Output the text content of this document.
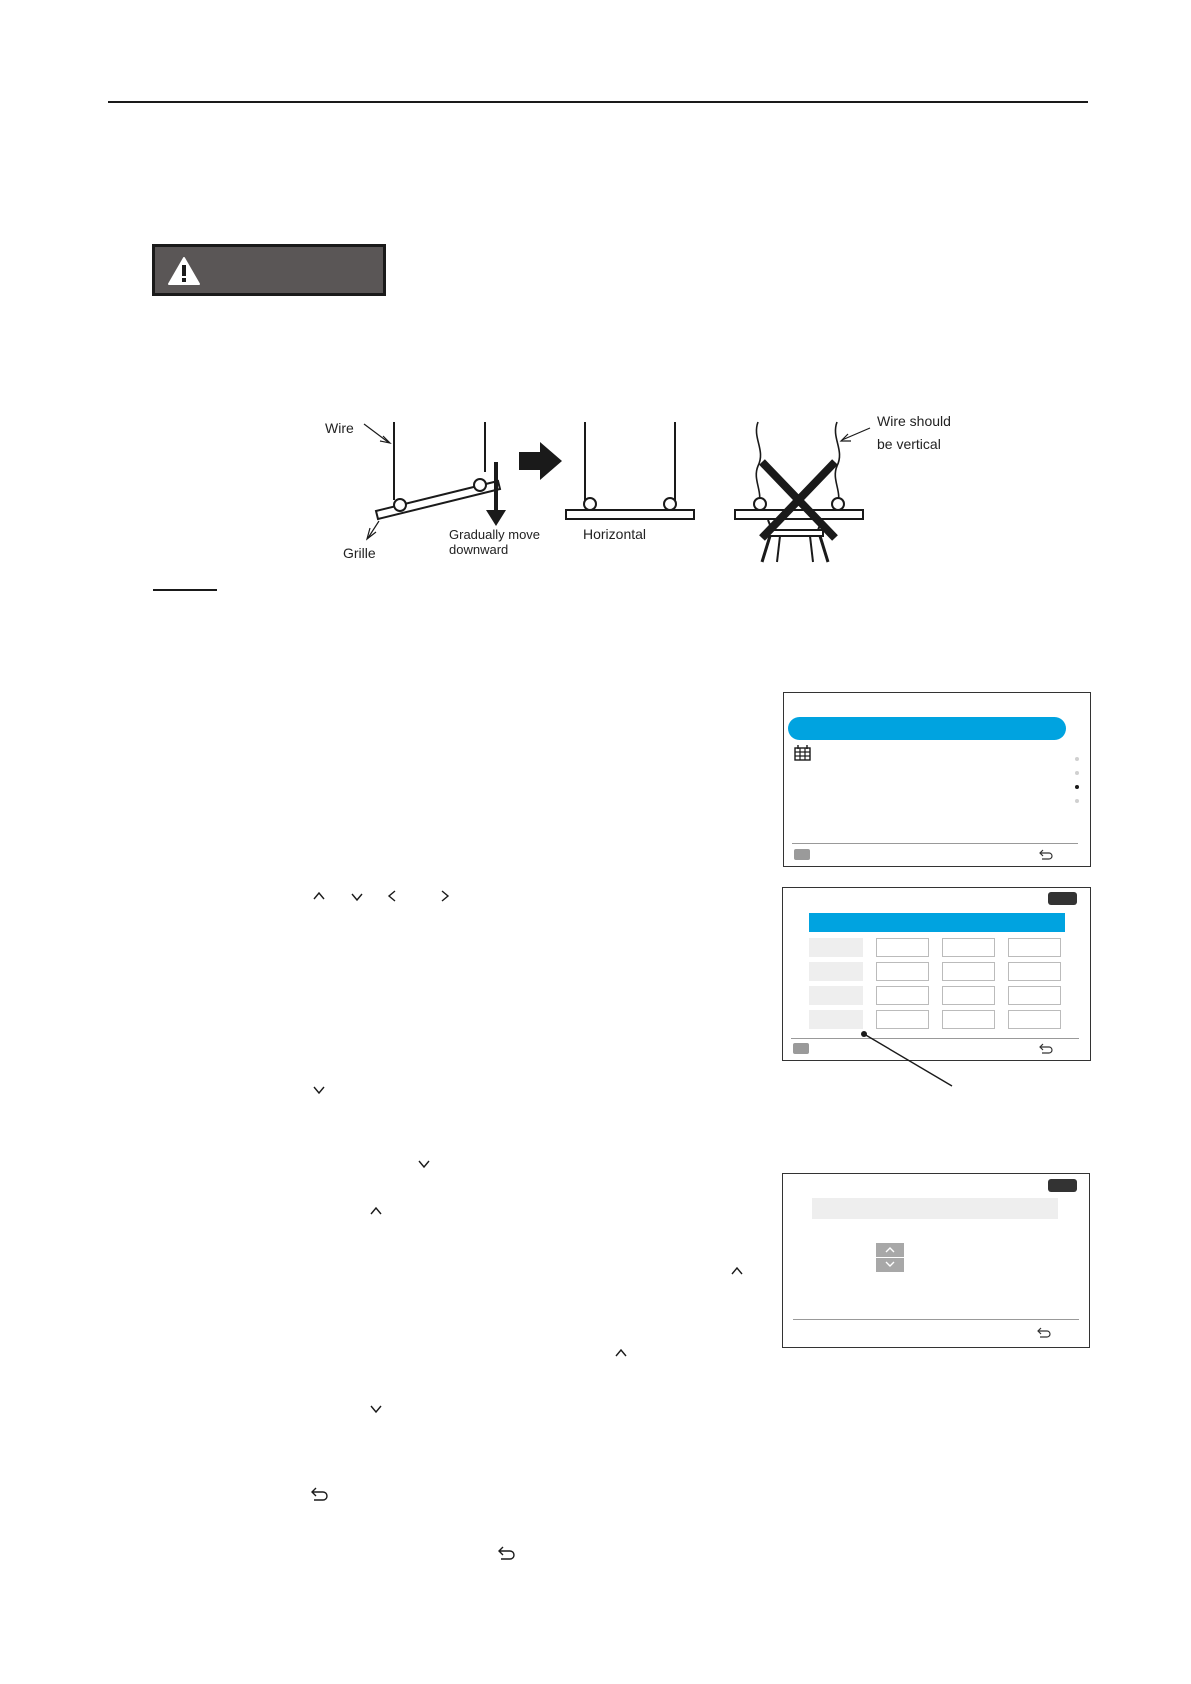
Wire
Grille
Gradually move
downward
Horizontal
Wire should
be vertical
